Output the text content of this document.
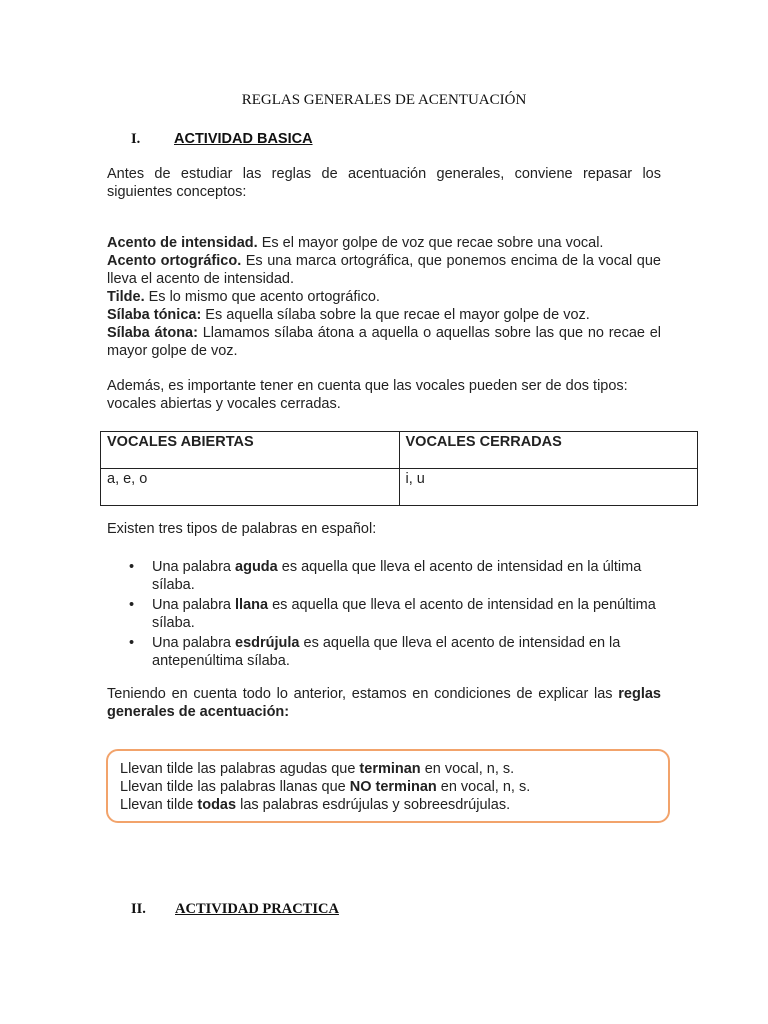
REGLAS GENERALES DE ACENTUACIÓN
I. ACTIVIDAD BASICA
Antes de estudiar las reglas de acentuación generales, conviene repasar los siguientes conceptos:

Acento de intensidad. Es el mayor golpe de voz que recae sobre una vocal.

Acento ortográfico. Es una marca ortográfica, que ponemos encima de la vocal que lleva el acento de intensidad.

Tilde. Es lo mismo que acento ortográfico.

Sílaba tónica: Es aquella sílaba sobre la que recae el mayor golpe de voz.

Sílaba átona: Llamamos sílaba átona a aquella o aquellas sobre las que no recae el mayor golpe de voz.

Además, es importante tener en cuenta que las vocales pueden ser de dos tipos: vocales abiertas y vocales cerradas.
VOCALES ABIERTAS	VOCALES CERRADAS
a, e, o	i, u
Existen tres tipos de palabras en español:
• Una palabra aguda es aquella que lleva el acento de intensidad en la última sílaba.
• Una palabra llana es aquella que lleva el acento de intensidad en la penúltima sílaba.
• Una palabra esdrújula es aquella que lleva el acento de intensidad en la antepenúltima sílaba.
Teniendo en cuenta todo lo anterior, estamos en condiciones de explicar las reglas generales de acentuación:
Llevan tilde las palabras agudas que terminan en vocal, n, s.
Llevan tilde las palabras llanas que NO terminan en vocal, n, s.
Llevan tilde todas las palabras esdrújulas y sobreesdrújulas.
II. ACTIVIDAD PRACTICA
